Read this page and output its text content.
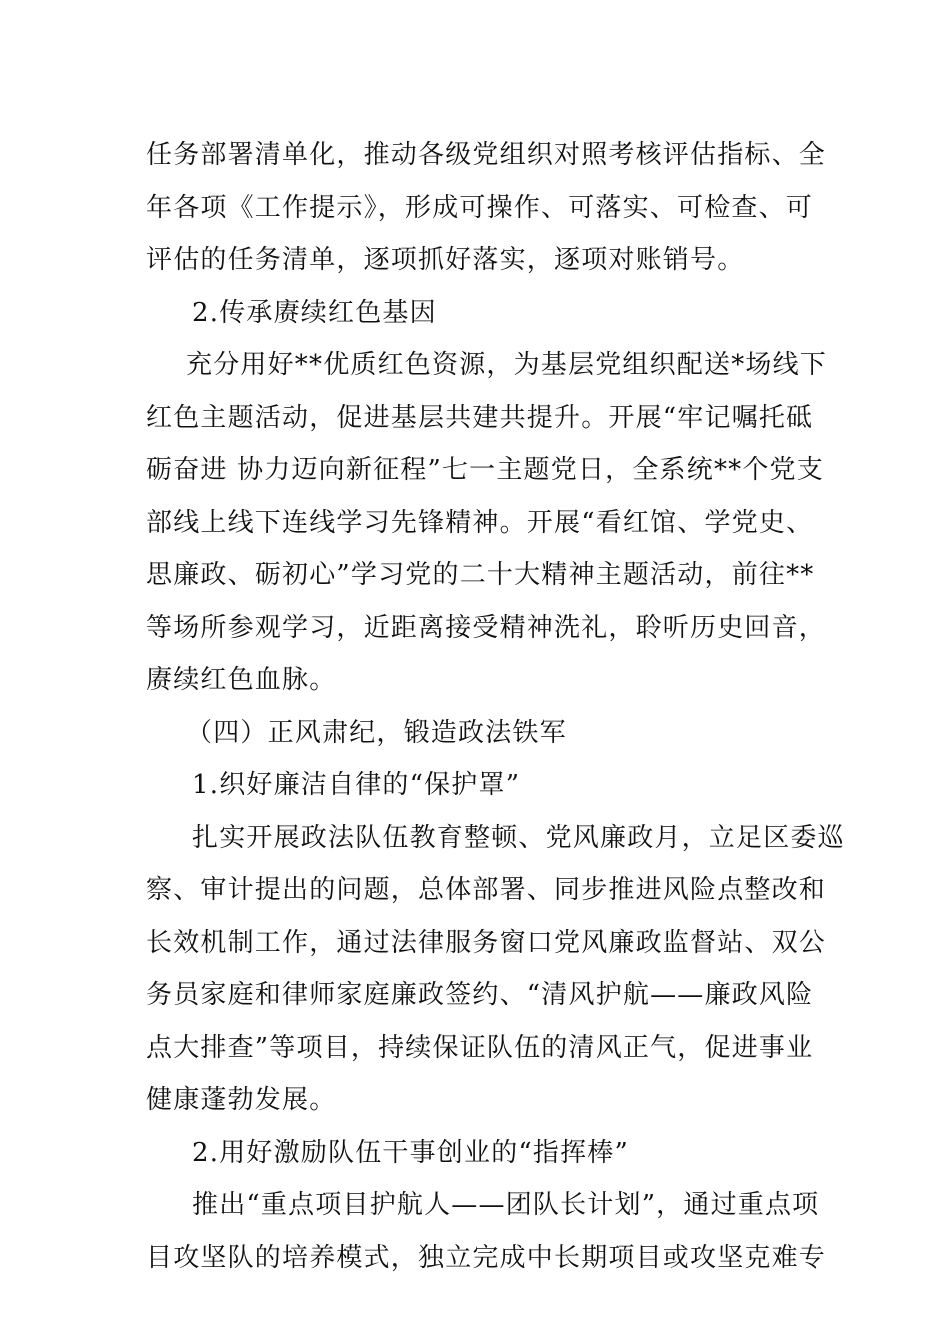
任务部署清单化，推动各级党组织对照考核评估指标、全
年各项《工作提示》，形成可操作、可落实、可检查、可
评估的任务清单，逐项抓好落实，逐项对账销号。
2.传承赓续红色基因
充分用好**优质红色资源，为基层党组织配送*场线下
红色主题活动，促进基层共建共提升。开展“牢记嘱托砥
砺奋进 协力迈向新征程”七一主题党日，全系统**个党支
部线上线下连线学习先锋精神。开展“看红馆、学党史、
思廉政、砺初心”学习党的二十大精神主题活动，前往**
等场所参观学习，近距离接受精神洗礼，聆听历史回音，
赓续红色血脉。
（四）正风肃纪，锻造政法铁军
1.织好廉洁自律的“保护罩”
扎实开展政法队伍教育整顿、党风廉政月，立足区委巡
察、审计提出的问题，总体部署、同步推进风险点整改和
长效机制工作，通过法律服务窗口党风廉政监督站、双公
务员家庭和律师家庭廉政签约、“清风护航——廉政风险
点大排查”等项目，持续保证队伍的清风正气，促进事业
健康蓬勃发展。
2.用好激励队伍干事创业的“指挥棒”
推出“重点项目护航人——团队长计划”，通过重点项
目攻坚队的培养模式，独立完成中长期项目或攻坚克难专
